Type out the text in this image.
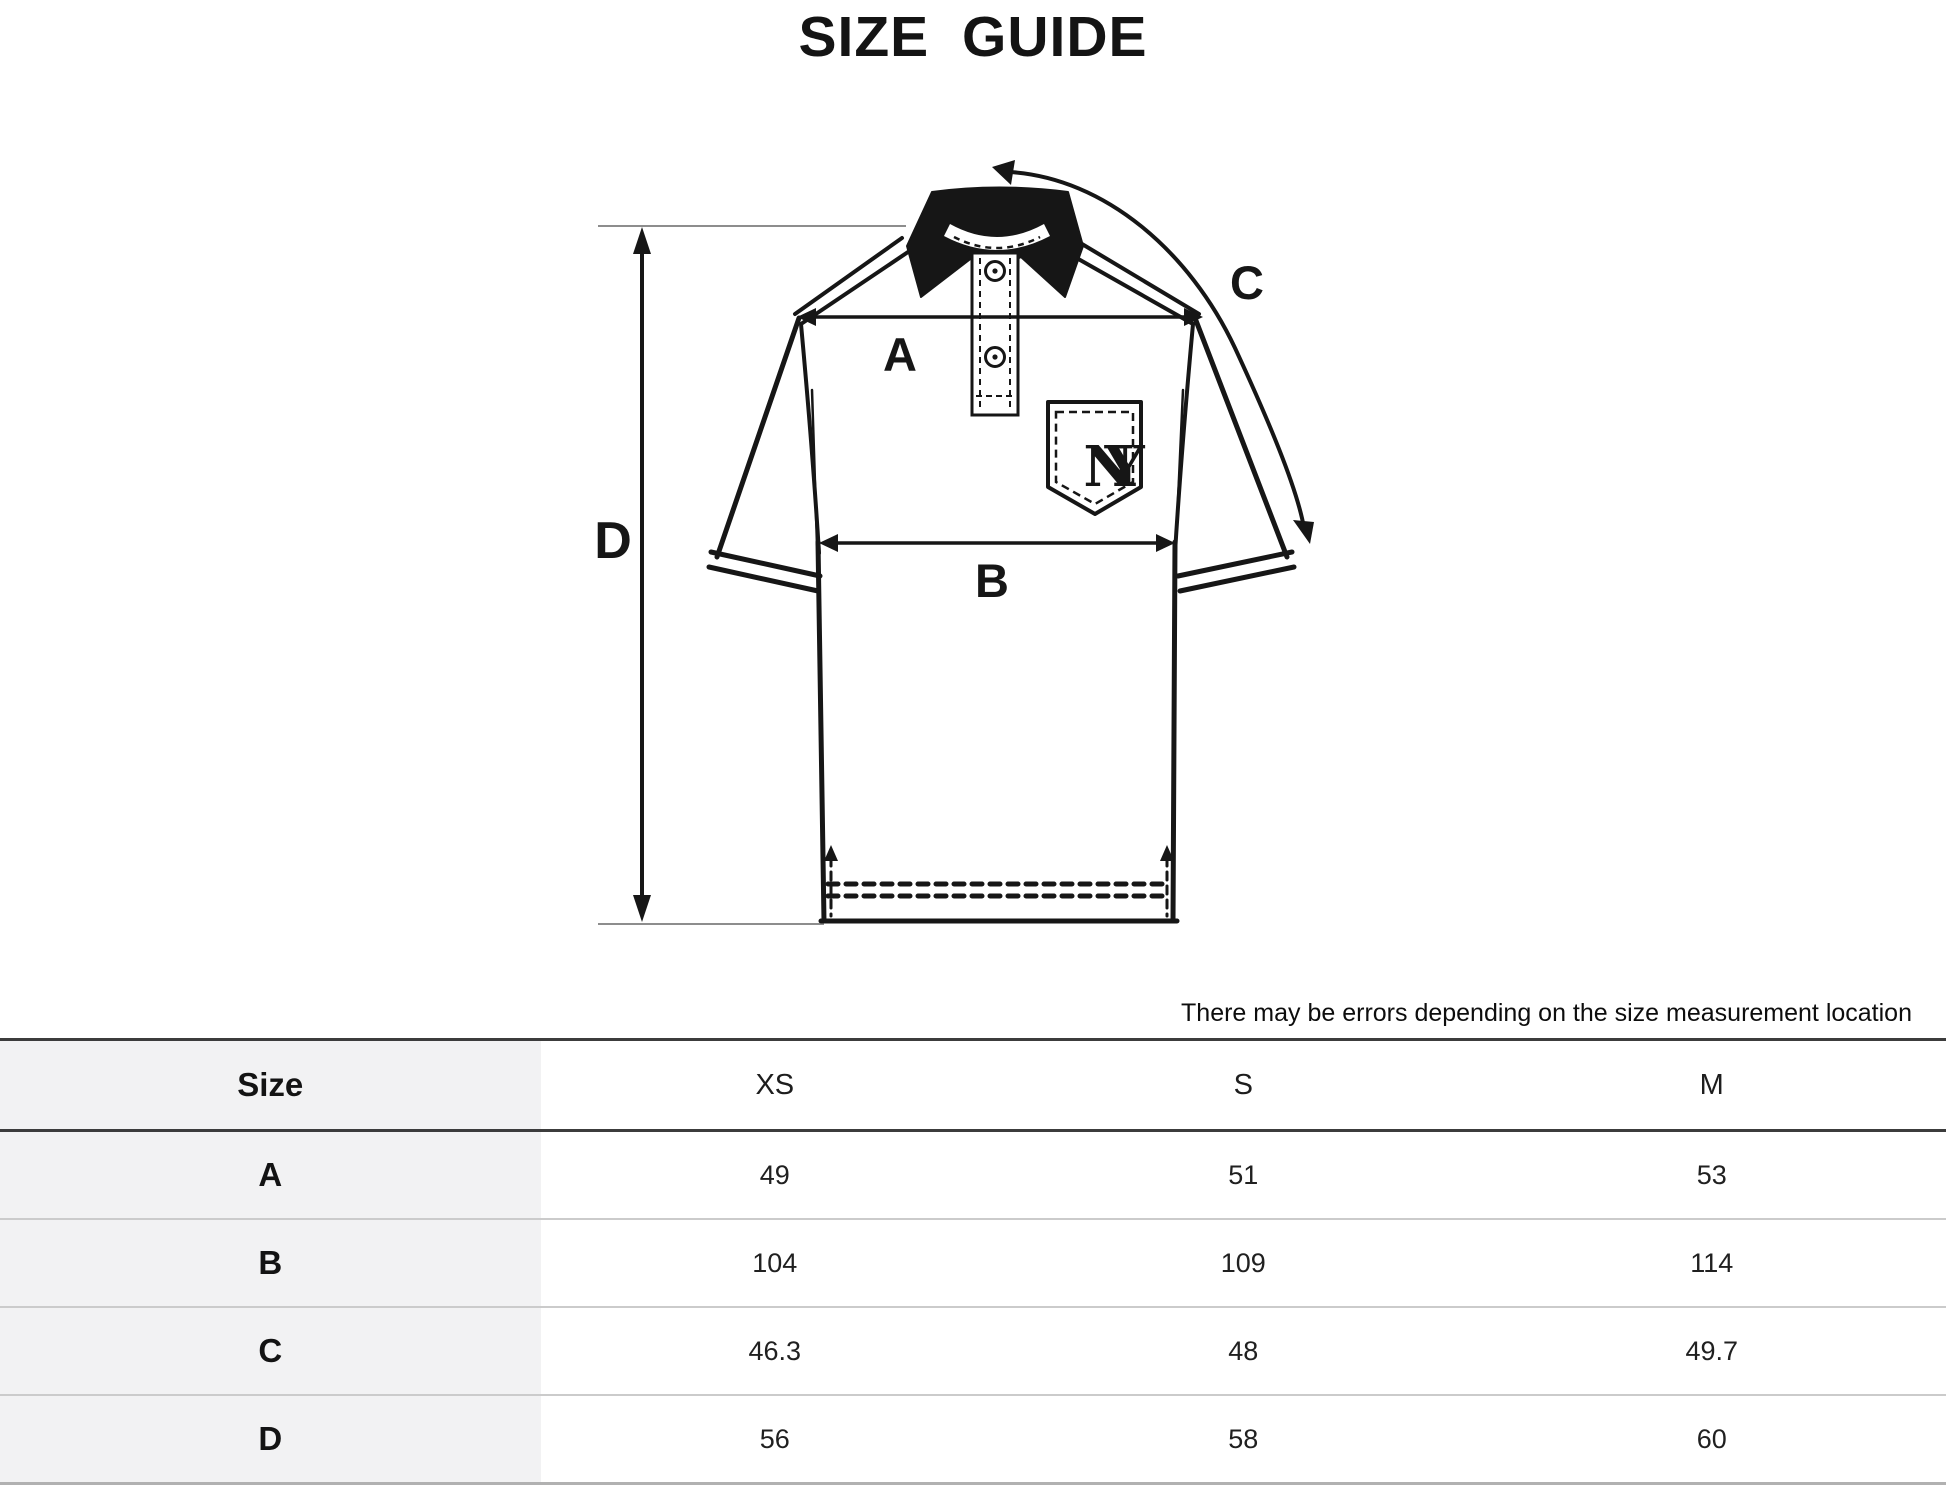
SIZE GUIDE
NY
A
B
C
D
There may be errors depending on the size measurement location
Size	XS	S	M
A	49	51	53
B	104	109	114
C	46.3	48	49.7
D	56	58	60
